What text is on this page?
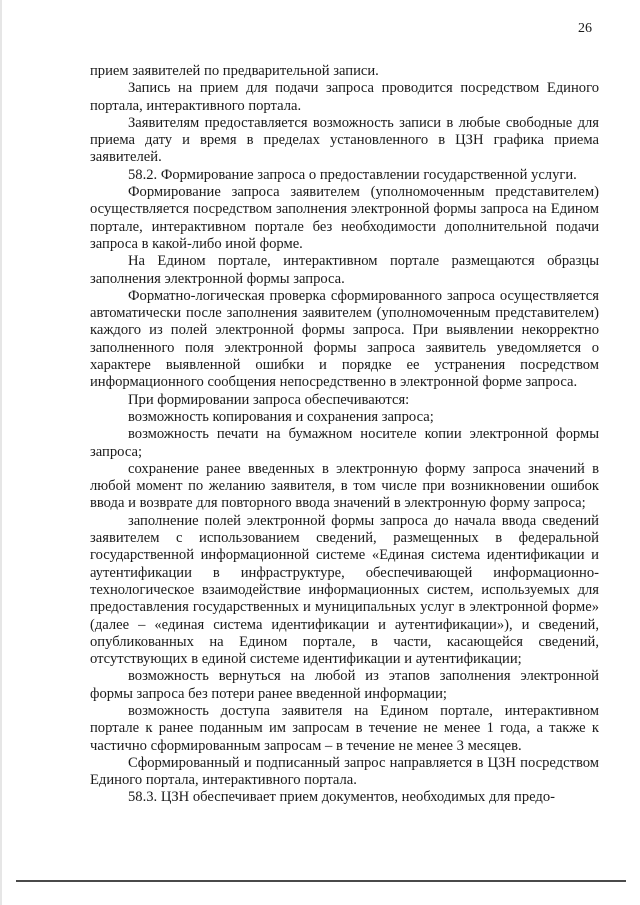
26

прием заявителей по предварительной записи.

Запись на прием для подачи запроса проводится посредством Единого портала, интерактивного портала.

Заявителям предоставляется возможность записи в любые свободные для приема дату и время в пределах установленного в ЦЗН графика приема заявителей.

58.2. Формирование запроса о предоставлении государственной услуги.

Формирование запроса заявителем (уполномоченным представителем) осуществляется посредством заполнения электронной формы запроса на Едином портале, интерактивном портале без необходимости дополнительной подачи запроса в какой-либо иной форме.

На Едином портале, интерактивном портале размещаются образцы заполнения электронной формы запроса.

Форматно-логическая проверка сформированного запроса осуществляется автоматически после заполнения заявителем (уполномоченным представителем) каждого из полей электронной формы запроса. При выявлении некорректно заполненного поля электронной формы запроса заявитель уведомляется о характере выявленной ошибки и порядке ее устранения посредством информационного сообщения непосредственно в электронной форме запроса.

При формировании запроса обеспечиваются:

возможность копирования и сохранения запроса;

возможность печати на бумажном носителе копии электронной формы запроса;

сохранение ранее введенных в электронную форму запроса значений в любой момент по желанию заявителя, в том числе при возникновении ошибок ввода и возврате для повторного ввода значений в электронную форму запроса;

заполнение полей электронной формы запроса до начала ввода сведений заявителем с использованием сведений, размещенных в федеральной государственной информационной системе «Единая система идентификации и аутентификации в инфраструктуре, обеспечивающей информационно-технологическое взаимодействие информационных систем, используемых для предоставления государственных и муниципальных услуг в электронной форме» (далее – «единая система идентификации и аутентификации»), и сведений, опубликованных на Едином портале, в части, касающейся сведений, отсутствующих в единой системе идентификации и аутентификации;

возможность вернуться на любой из этапов заполнения электронной формы запроса без потери ранее введенной информации;

возможность доступа заявителя на Едином портале, интерактивном портале к ранее поданным им запросам в течение не менее 1 года, а также к частично сформированным запросам – в течение не менее 3 месяцев.

Сформированный и подписанный запрос направляется в ЦЗН посредством Единого портала, интерактивного портала.

58.3. ЦЗН обеспечивает прием документов, необходимых для предо-
